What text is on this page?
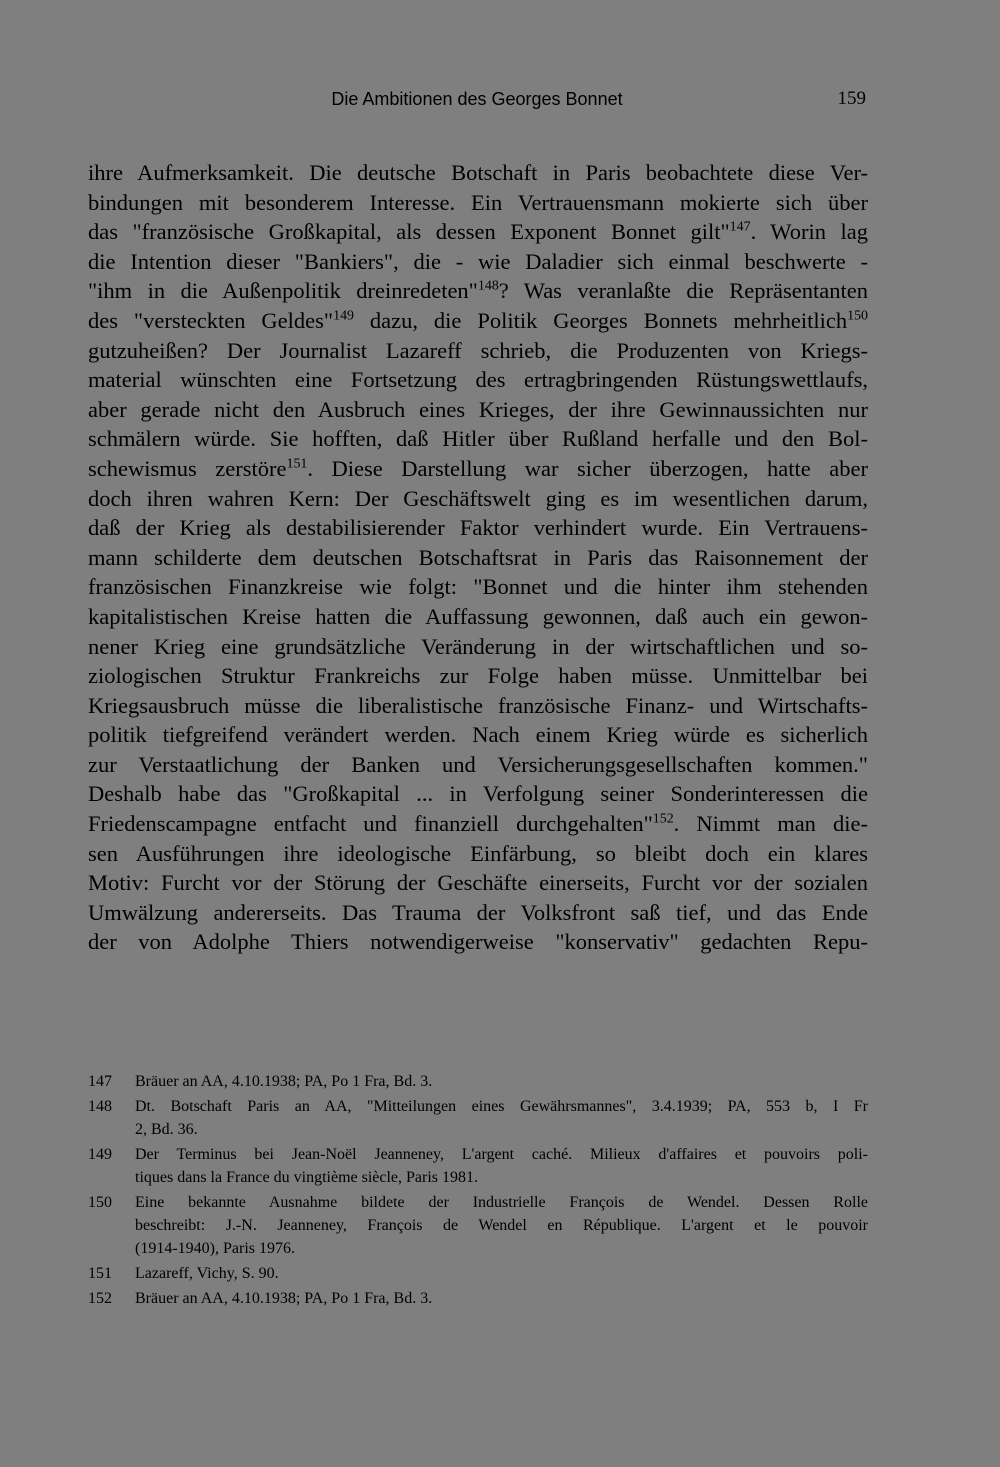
Die Ambitionen des Georges Bonnet	159
ihre Aufmerksamkeit. Die deutsche Botschaft in Paris beobachtete diese Ver-
bindungen mit besonderem Interesse. Ein Vertrauensmann mokierte sich über
das "französische Großkapital, als dessen Exponent Bonnet gilt"$^{147}$. Worin lag
die Intention dieser "Bankiers", die - wie Daladier sich einmal beschwerte -
"ihm in die Außenpolitik dreinredeten"$^{148}$? Was veranlaßte die Repräsentanten
des "versteckten Geldes"$^{149}$ dazu, die Politik Georges Bonnets mehrheitlich$^{150}$
gutzuheißen? Der Journalist Lazareff schrieb, die Produzenten von Kriegs-
material wünschten eine Fortsetzung des ertragbringenden Rüstungswettlaufs,
aber gerade nicht den Ausbruch eines Krieges, der ihre Gewinnaussichten nur
schmälern würde. Sie hofften, daß Hitler über Rußland herfalle und den Bol-
schewismus zerstöre$^{151}$. Diese Darstellung war sicher überzogen, hatte aber
doch ihren wahren Kern: Der Geschäftswelt ging es im wesentlichen darum,
daß der Krieg als destabilisierender Faktor verhindert wurde. Ein Vertrauens-
mann schilderte dem deutschen Botschaftsrat in Paris das Raisonnement der
französischen Finanzkreise wie folgt: "Bonnet und die hinter ihm stehenden
kapitalistischen Kreise hatten die Auffassung gewonnen, daß auch ein gewon-
nener Krieg eine grundsätzliche Veränderung in der wirtschaftlichen und so-
ziologischen Struktur Frankreichs zur Folge haben müsse. Unmittelbar bei
Kriegsausbruch müsse die liberalistische französische Finanz- und Wirtschafts-
politik tiefgreifend verändert werden. Nach einem Krieg würde es sicherlich
zur Verstaatlichung der Banken und Versicherungsgesellschaften kommen."
Deshalb habe das "Großkapital ... in Verfolgung seiner Sonderinteressen die
Friedenscampagne entfacht und finanziell durchgehalten"$^{152}$. Nimmt man die-
sen Ausführungen ihre ideologische Einfärbung, so bleibt doch ein klares
Motiv: Furcht vor der Störung der Geschäfte einerseits, Furcht vor der sozialen
Umwälzung andererseits. Das Trauma der Volksfront saß tief, und das Ende
der von Adolphe Thiers notwendigerweise "konservativ" gedachten Repu-
147 Bräuer an AA, 4.10.1938; PA, Po 1 Fra, Bd. 3.
148 Dt. Botschaft Paris an AA, "Mitteilungen eines Gewährsmannes", 3.4.1939; PA, 553 b, I Fr
2, Bd. 36.
149 Der Terminus bei Jean-Noël Jeanneney, L'argent caché. Milieux d'affaires et pouvoirs poli-
tiques dans la France du vingtième siècle, Paris 1981.
150 Eine bekannte Ausnahme bildete der Industrielle François de Wendel. Dessen Rolle
beschreibt: J.-N. Jeanneney, François de Wendel en République. L'argent et le pouvoir
(1914-1940), Paris 1976.
151 Lazareff, Vichy, S. 90.
152 Bräuer an AA, 4.10.1938; PA, Po 1 Fra, Bd. 3.
